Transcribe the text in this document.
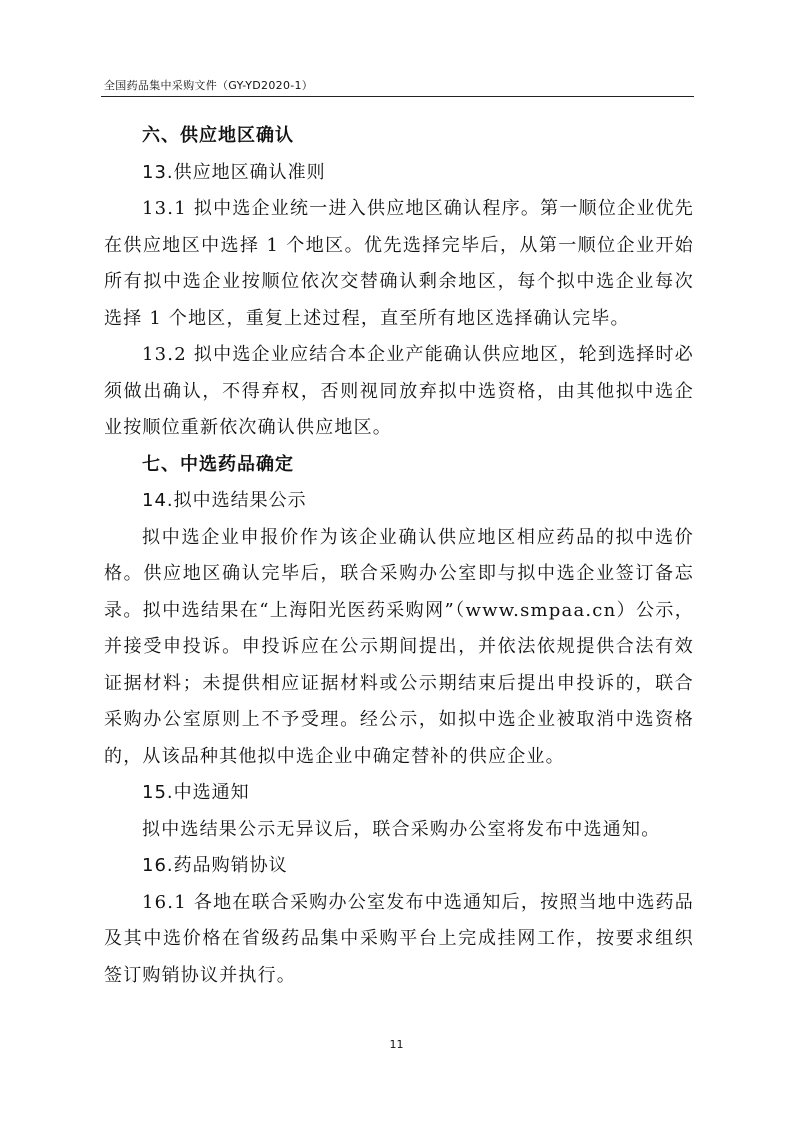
全国药品集中采购文件（GY-YD2020-1）

六、供应地区确认

13.供应地区确认准则

13.1 拟中选企业统一进入供应地区确认程序。第一顺位企业优先在供应地区中选择 1 个地区。优先选择完毕后，从第一顺位企业开始所有拟中选企业按顺位依次交替确认剩余地区，每个拟中选企业每次选择 1 个地区，重复上述过程，直至所有地区选择确认完毕。

13.2 拟中选企业应结合本企业产能确认供应地区，轮到选择时必须做出确认，不得弃权，否则视同放弃拟中选资格，由其他拟中选企业按顺位重新依次确认供应地区。

七、中选药品确定

14.拟中选结果公示

拟中选企业申报价作为该企业确认供应地区相应药品的拟中选价格。供应地区确认完毕后，联合采购办公室即与拟中选企业签订备忘录。拟中选结果在“上海阳光医药采购网”（www.smpaa.cn）公示，并接受申投诉。申投诉应在公示期间提出，并依法依规提供合法有效证据材料；未提供相应证据材料或公示期结束后提出申投诉的，联合采购办公室原则上不予受理。经公示，如拟中选企业被取消中选资格的，从该品种其他拟中选企业中确定替补的供应企业。

15.中选通知

拟中选结果公示无异议后，联合采购办公室将发布中选通知。

16.药品购销协议

16.1 各地在联合采购办公室发布中选通知后，按照当地中选药品及其中选价格在省级药品集中采购平台上完成挂网工作，按要求组织签订购销协议并执行。

11
